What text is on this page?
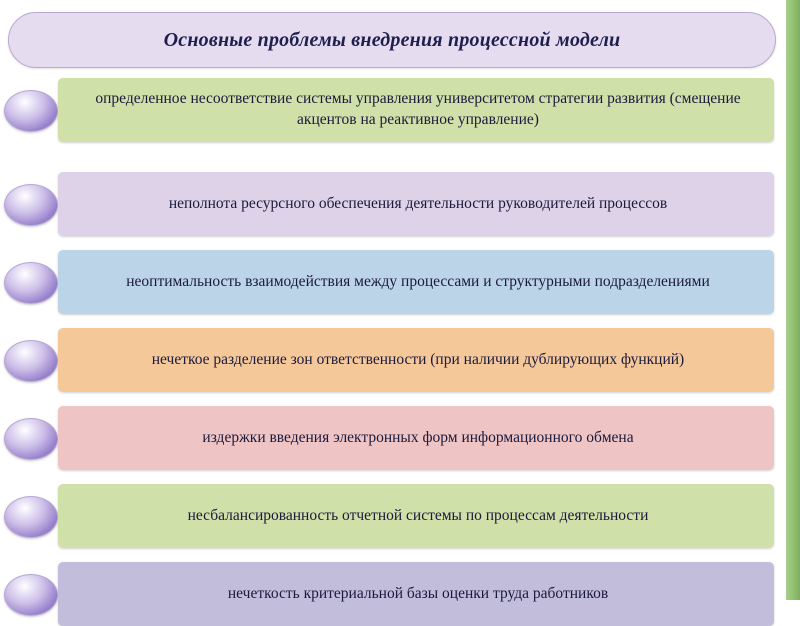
Основные проблемы внедрения процессной модели
определенное несоответствие системы управления университетом стратегии развития (смещение акцентов на реактивное управление)
неполнота ресурсного обеспечения деятельности руководителей процессов
неоптимальность взаимодействия между процессами и структурными подразделениями
нечеткое разделение зон ответственности (при наличии дублирующих функций)
издержки введения электронных форм информационного обмена
несбалансированность отчетной системы по процессам деятельности
нечеткость критериальной базы оценки труда работников
